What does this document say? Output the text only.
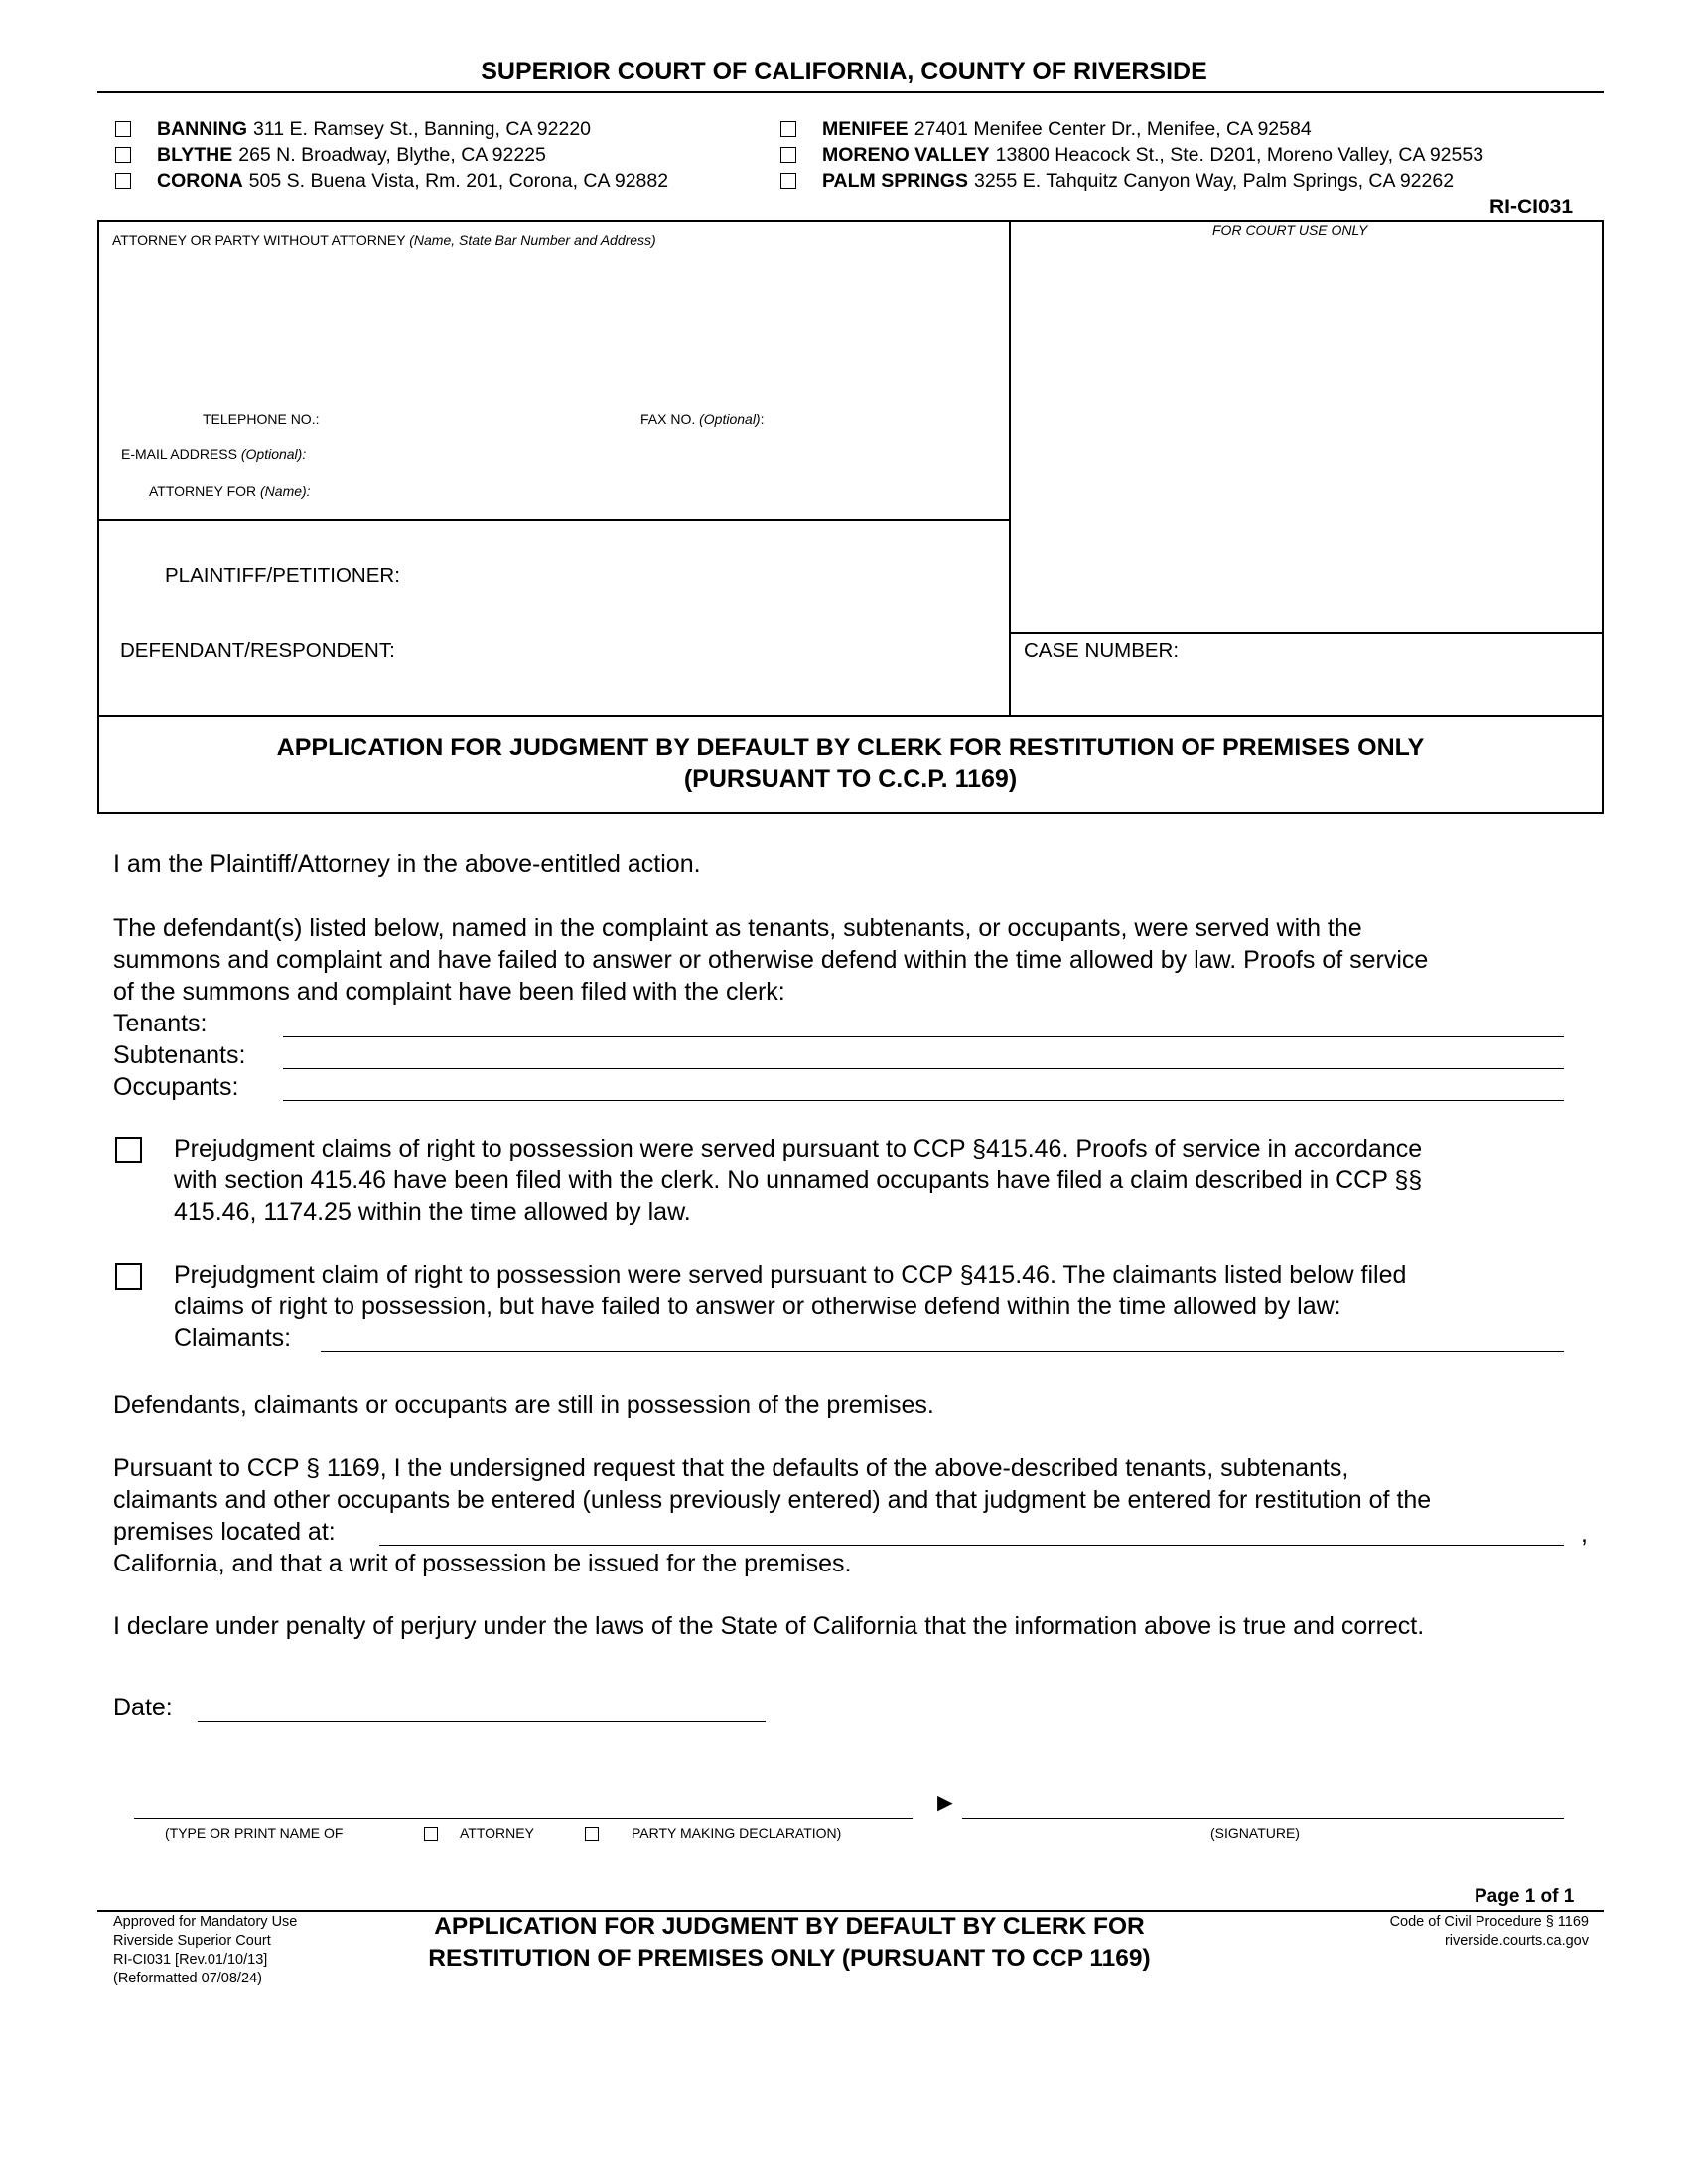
SUPERIOR COURT OF CALIFORNIA, COUNTY OF RIVERSIDE
BANNING 311 E. Ramsey St., Banning, CA 92220
BLYTHE 265 N. Broadway, Blythe, CA 92225
CORONA 505 S. Buena Vista, Rm. 201, Corona, CA 92882
MENIFEE 27401 Menifee Center Dr., Menifee, CA 92584
MORENO VALLEY 13800 Heacock St., Ste. D201, Moreno Valley, CA 92553
PALM SPRINGS 3255 E. Tahquitz Canyon Way, Palm Springs, CA 92262
RI-CI031
ATTORNEY OR PARTY WITHOUT ATTORNEY (Name, State Bar Number and Address)
FOR COURT USE ONLY
TELEPHONE NO.:	FAX NO. (Optional):
E-MAIL ADDRESS (Optional):
ATTORNEY FOR (Name):
PLAINTIFF/PETITIONER:
DEFENDANT/RESPONDENT:	CASE NUMBER:
APPLICATION FOR JUDGMENT BY DEFAULT BY CLERK FOR RESTITUTION OF PREMISES ONLY
(PURSUANT TO C.C.P. 1169)
I am the Plaintiff/Attorney in the above-entitled action.
The defendant(s) listed below, named in the complaint as tenants, subtenants, or occupants, were served with the
summons and complaint and have failed to answer or otherwise defend within the time allowed by law. Proofs of service
of the summons and complaint have been filed with the clerk:
Tenants:
Subtenants:
Occupants:
Prejudgment claims of right to possession were served pursuant to CCP §415.46. Proofs of service in accordance
with section 415.46 have been filed with the clerk. No unnamed occupants have filed a claim described in CCP §§
415.46, 1174.25 within the time allowed by law.
Prejudgment claim of right to possession were served pursuant to CCP §415.46. The claimants listed below filed
claims of right to possession, but have failed to answer or otherwise defend within the time allowed by law:
Claimants:
Defendants, claimants or occupants are still in possession of the premises.
Pursuant to CCP § 1169, I the undersigned request that the defaults of the above-described tenants, subtenants,
claimants and other occupants be entered (unless previously entered) and that judgment be entered for restitution of the
premises located at:
California, and that a writ of possession be issued for the premises.
,
I declare under penalty of perjury under the laws of the State of California that the information above is true and correct.
Date:
►
(TYPE OR PRINT NAME OF	ATTORNEY	PARTY MAKING DECLARATION)	(SIGNATURE)
Page 1 of 1
Approved for Mandatory Use
Riverside Superior Court
RI-CI031 [Rev.01/10/13]
(Reformatted 07/08/24)
APPLICATION FOR JUDGMENT BY DEFAULT BY CLERK FOR
RESTITUTION OF PREMISES ONLY (PURSUANT TO CCP 1169)
Code of Civil Procedure § 1169
riverside.courts.ca.gov
